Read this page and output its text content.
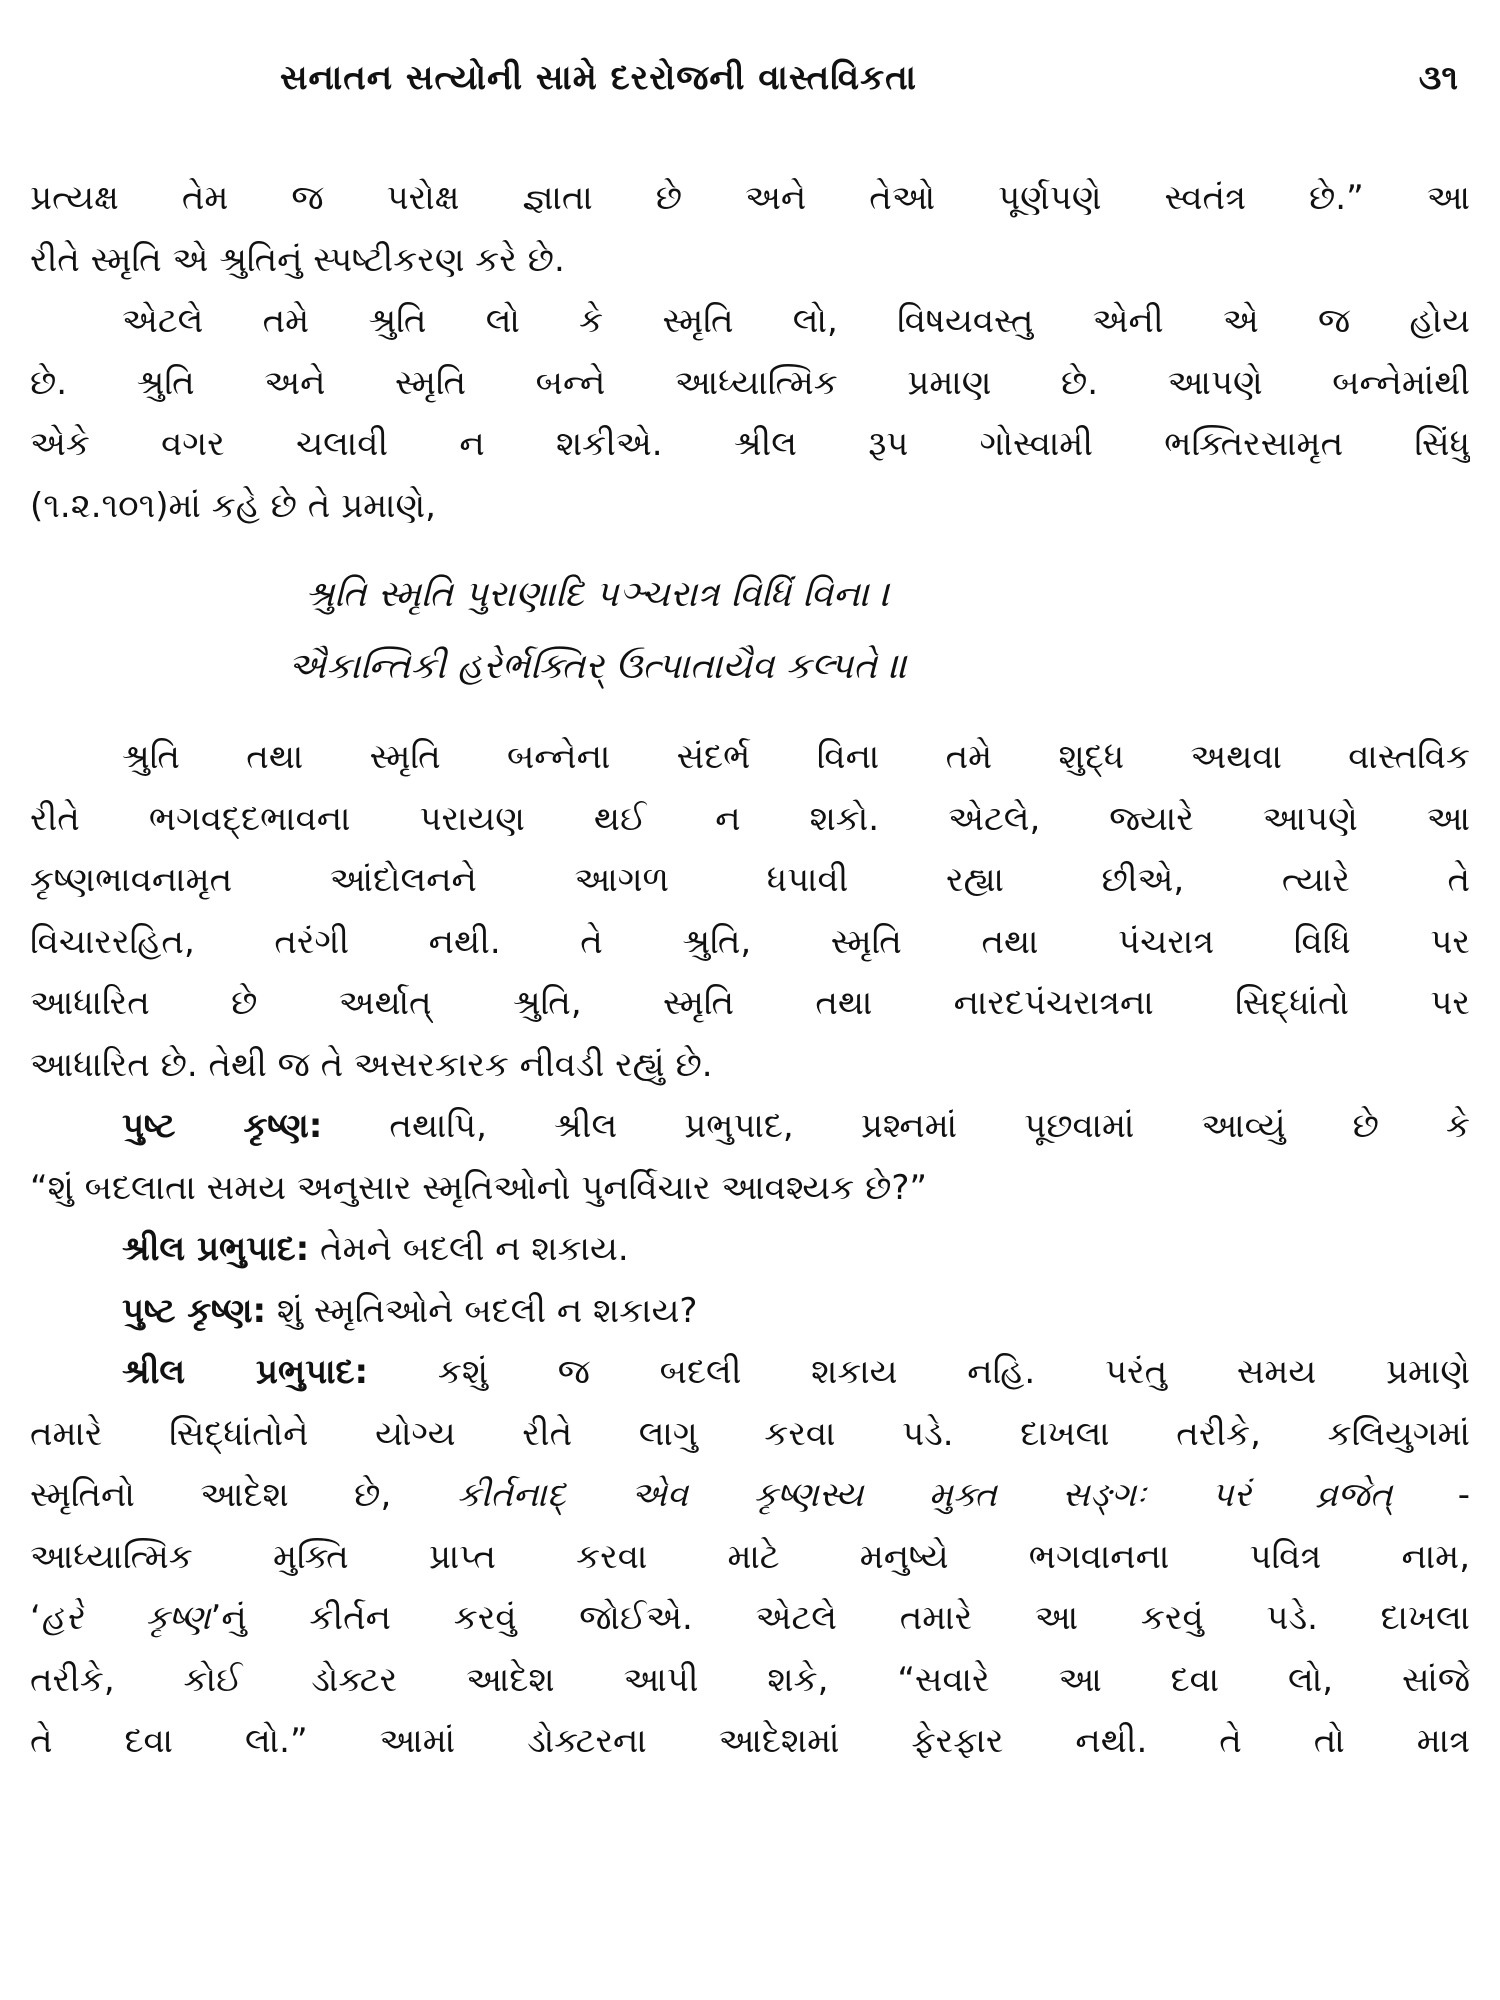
સનાતન સત્યોની સામે દરરોજની વાસ્તવિકતા	૩૧
પ્રત્યક્ષ તેમ જ પરોક્ષ જ્ઞાતા છે અને તેઓ પૂર્ણપણે સ્વતંત્ર છે.” આ
રીતે સ્મૃતિ એ શ્રુતિનું સ્પષ્ટીકરણ કરે છે.
એટલે તમે શ્રુતિ લો કે સ્મૃતિ લો, વિષયવસ્તુ એની એ જ હોય
છે. શ્રુતિ અને સ્મૃતિ બન્ને આધ્યાત્મિક પ્રમાણ છે. આપણે બન્નેમાંથી
એકે વગર ચલાવી ન શકીએ. શ્રીલ રૂપ ગોસ્વામી ભક્તિરસામૃત સિંધુ
(૧.૨.૧૦૧)માં કહે છે તે પ્રમાણે,
શ્રુતિ સ્મૃતિ પુરાણાદિ પઞ્ચરાત્ર વિધિં વિના ।
ઐકાન્તિકી હરેર્ભક્તિર્ ઉત્પાતાયૈવ કલ્પતે ॥
શ્રુતિ તથા સ્મૃતિ બન્નેના સંદર્ભ વિના તમે શુદ્ધ અથવા વાસ્તવિક
રીતે ભગવદ્દભાવના પરાયણ થઈ ન શકો. એટલે, જ્યારે આપણે આ
કૃષ્ણભાવનામૃત આંદોલનને આગળ ધપાવી રહ્યા છીએ, ત્યારે તે
વિચારરહિત, તરંગી નથી. તે શ્રુતિ, સ્મૃતિ તથા પંચરાત્ર વિધિ પર
આધારિત છે અર્થાત્ શ્રુતિ, સ્મૃતિ તથા નારદપંચરાત્રના સિદ્ધાંતો પર
આધારિત છે. તેથી જ તે અસરકારક નીવડી રહ્યું છે.
પુષ્ટ કૃષ્ણ: તથાપિ, શ્રીલ પ્રભુપાદ, પ્રશ્નમાં પૂછવામાં આવ્યું છે કે
“શું બદલાતા સમય અનુસાર સ્મૃતિઓનો પુનર્વિચાર આવશ્યક છે?”
શ્રીલ પ્રભુપાદ: તેમને બદલી ન શકાય.
પુષ્ટ કૃષ્ણ: શું સ્મૃતિઓને બદલી ન શકાય?
શ્રીલ પ્રભુપાદ: કશું જ બદલી શકાય નહિ. પરંતુ સમય પ્રમાણે
તમારે સિદ્ધાંતોને યોગ્ય રીતે લાગુ કરવા પડે. દાખલા તરીકે, કલિયુગમાં
સ્મૃતિનો આદેશ છે, કીર્તનાદ્ એવ કૃષ્ણસ્ય મુક્ત સઙ્ગઃ પરં વ્રજેત્ -
આધ્યાત્મિક મુક્તિ પ્રાપ્ત કરવા માટે મનુષ્યે ભગવાનના પવિત્ર નામ,
‘હરે કૃષ્ણ’નું કીર્તન કરવું જોઈએ. એટલે તમારે આ કરવું પડે. દાખલા
તરીકે, કોઈ ડોક્ટર આદેશ આપી શકે, “સવારે આ દવા લો, સાંજે
તે દવા લો.” આમાં ડોક્ટરના આદેશમાં ફેરફાર નથી. તે તો માત્ર
